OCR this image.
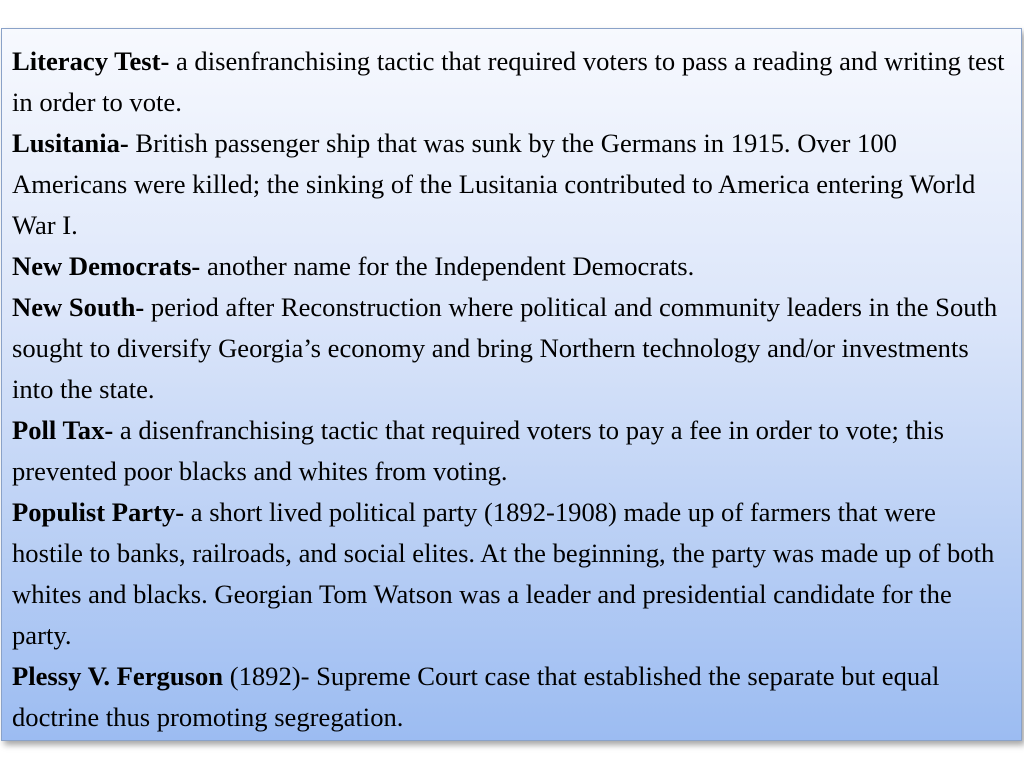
Literacy Test- a disenfranchising tactic that required voters to pass a reading and writing test in order to vote.

Lusitania- British passenger ship that was sunk by the Germans in 1915. Over 100 Americans were killed; the sinking of the Lusitania contributed to America entering World War I.

New Democrats- another name for the Independent Democrats.

New South- period after Reconstruction where political and community leaders in the South sought to diversify Georgia’s economy and bring Northern technology and/or investments into the state.

Poll Tax- a disenfranchising tactic that required voters to pay a fee in order to vote; this prevented poor blacks and whites from voting.

Populist Party- a short lived political party (1892-1908) made up of farmers that were hostile to banks, railroads, and social elites. At the beginning, the party was made up of both whites and blacks. Georgian Tom Watson was a leader and presidential candidate for the party.

Plessy V. Ferguson (1892)- Supreme Court case that established the separate but equal doctrine thus promoting segregation.
